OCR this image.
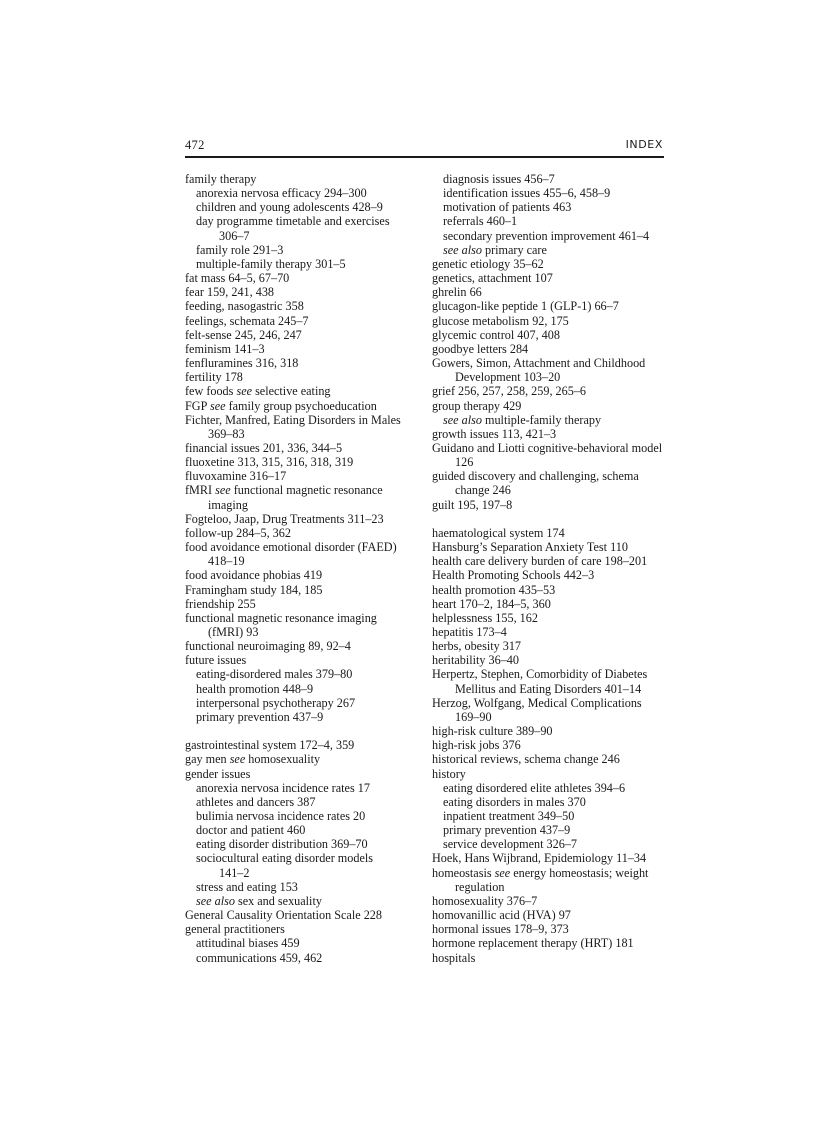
472	INDEX
family therapy
anorexia nervosa efficacy 294–300
children and young adolescents 428–9
day programme timetable and exercises
306–7
family role 291–3
multiple-family therapy 301–5
fat mass 64–5, 67–70
fear 159, 241, 438
feeding, nasogastric 358
feelings, schemata 245–7
felt-sense 245, 246, 247
feminism 141–3
fenfluramines 316, 318
fertility 178
few foods see selective eating
FGP see family group psychoeducation
Fichter, Manfred, Eating Disorders in Males
369–83
financial issues 201, 336, 344–5
fluoxetine 313, 315, 316, 318, 319
fluvoxamine 316–17
fMRI see functional magnetic resonance
imaging
Fogteloo, Jaap, Drug Treatments 311–23
follow-up 284–5, 362
food avoidance emotional disorder (FAED)
418–19
food avoidance phobias 419
Framingham study 184, 185
friendship 255
functional magnetic resonance imaging
(fMRI) 93
functional neuroimaging 89, 92–4
future issues
eating-disordered males 379–80
health promotion 448–9
interpersonal psychotherapy 267
primary prevention 437–9
gastrointestinal system 172–4, 359
gay men see homosexuality
gender issues
anorexia nervosa incidence rates 17
athletes and dancers 387
bulimia nervosa incidence rates 20
doctor and patient 460
eating disorder distribution 369–70
sociocultural eating disorder models
141–2
stress and eating 153
see also sex and sexuality
General Causality Orientation Scale 228
general practitioners
attitudinal biases 459
communications 459, 462
diagnosis issues 456–7
identification issues 455–6, 458–9
motivation of patients 463
referrals 460–1
secondary prevention improvement 461–4
see also primary care
genetic etiology 35–62
genetics, attachment 107
ghrelin 66
glucagon-like peptide 1 (GLP-1) 66–7
glucose metabolism 92, 175
glycemic control 407, 408
goodbye letters 284
Gowers, Simon, Attachment and Childhood
Development 103–20
grief 256, 257, 258, 259, 265–6
group therapy 429
see also multiple-family therapy
growth issues 113, 421–3
Guidano and Liotti cognitive-behavioral model
126
guided discovery and challenging, schema
change 246
guilt 195, 197–8
haematological system 174
Hansburg’s Separation Anxiety Test 110
health care delivery burden of care 198–201
Health Promoting Schools 442–3
health promotion 435–53
heart 170–2, 184–5, 360
helplessness 155, 162
hepatitis 173–4
herbs, obesity 317
heritability 36–40
Herpertz, Stephen, Comorbidity of Diabetes
Mellitus and Eating Disorders 401–14
Herzog, Wolfgang, Medical Complications
169–90
high-risk culture 389–90
high-risk jobs 376
historical reviews, schema change 246
history
eating disordered elite athletes 394–6
eating disorders in males 370
inpatient treatment 349–50
primary prevention 437–9
service development 326–7
Hoek, Hans Wijbrand, Epidemiology 11–34
homeostasis see energy homeostasis; weight
regulation
homosexuality 376–7
homovanillic acid (HVA) 97
hormonal issues 178–9, 373
hormone replacement therapy (HRT) 181
hospitals
